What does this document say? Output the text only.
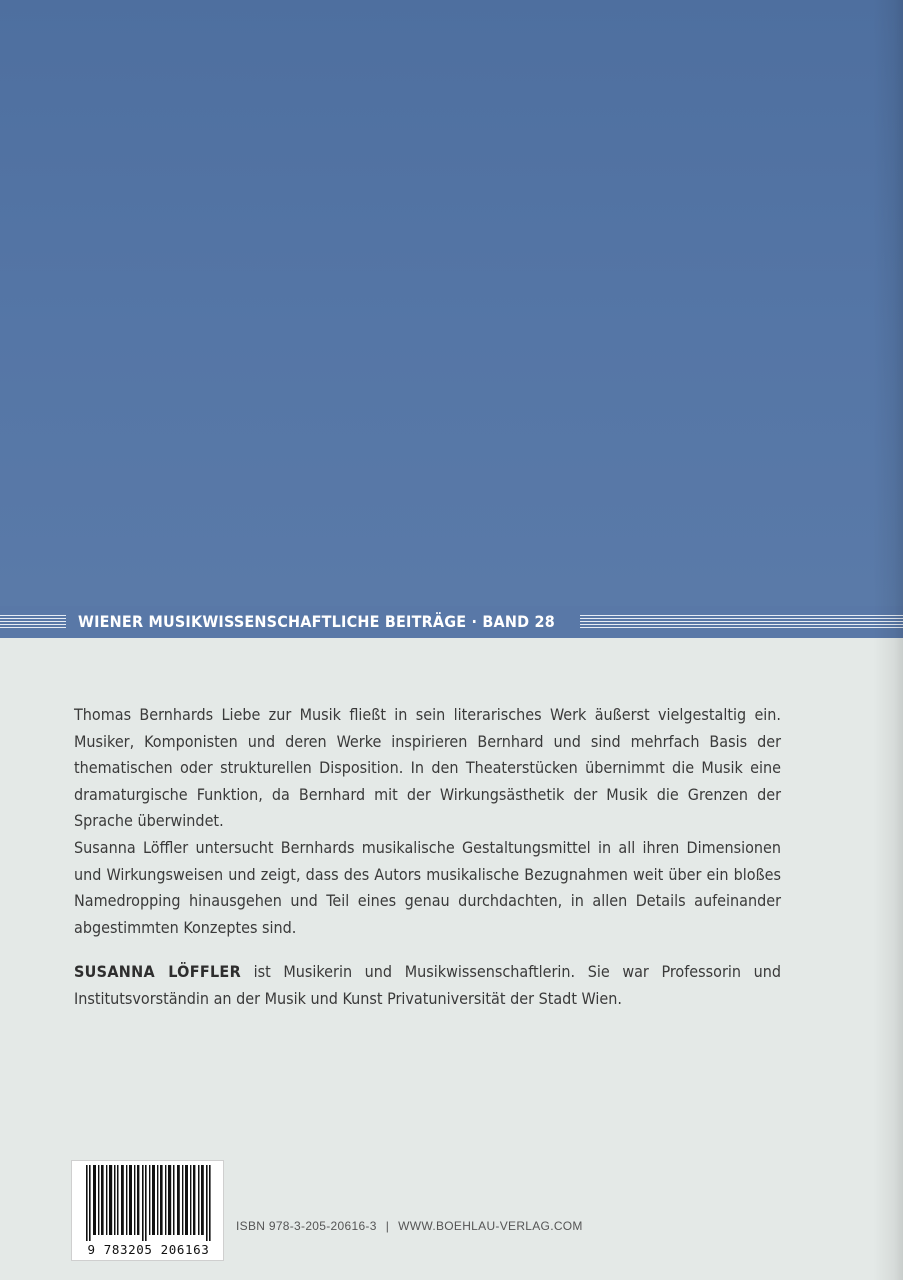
WIENER MUSIKWISSENSCHAFTLICHE BEITRÄGE · BAND 28

Thomas Bernhards Liebe zur Musik fließt in sein literarisches Werk äußerst vielgestaltig ein. Musiker, Komponisten und deren Werke inspirieren Bernhard und sind mehrfach Basis der thematischen oder strukturellen Disposition. In den Theaterstücken übernimmt die Musik eine dramaturgische Funktion, da Bernhard mit der Wirkungsästhetik der Musik die Grenzen der Sprache überwindet.

Susanna Löffler untersucht Bernhards musikalische Gestaltungsmittel in all ihren Dimensionen und Wirkungsweisen und zeigt, dass des Autors musikalische Bezugnahmen weit über ein bloßes Namedropping hinausgehen und Teil eines genau durchdachten, in allen Details aufeinander abgestimmten Konzeptes sind.

SUSANNA LÖFFLER ist Musikerin und Musikwissenschaftlerin. Sie war Professorin und Institutsvorständin an der Musik und Kunst Privatuniversität der Stadt Wien.

9 783205 206163
ISBN 978-3-205-20616-3 | WWW.BOEHLAU-VERLAG.COM
